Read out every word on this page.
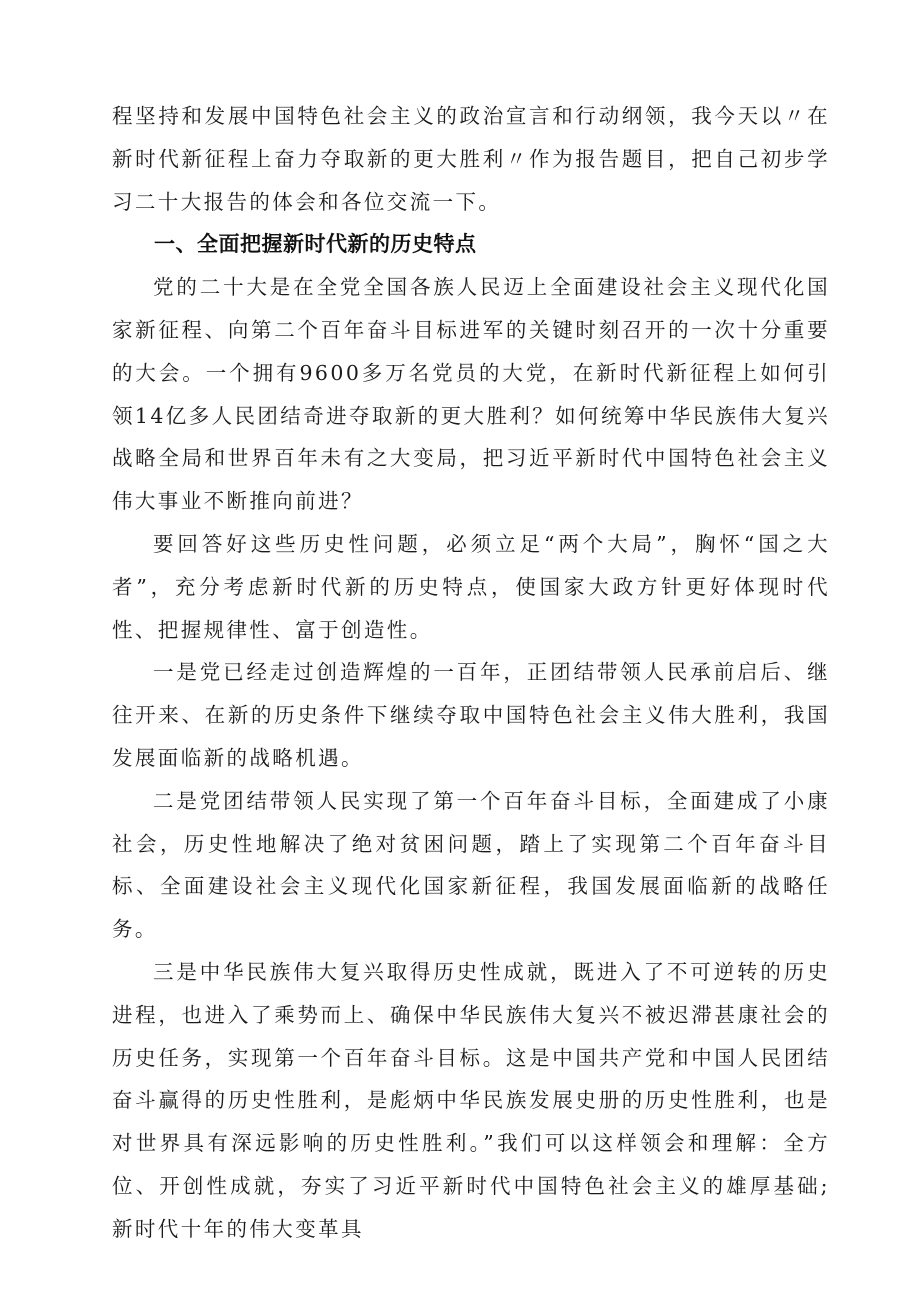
程坚持和发展中国特色社会主义的政治宣言和行动纲领，我今天以〃在新时代新征程上奋力夺取新的更大胜利〃作为报告题目，把自己初步学习二十大报告的体会和各位交流一下。

一、全面把握新时代新的历史特点

党的二十大是在全党全国各族人民迈上全面建设社会主义现代化国家新征程、向第二个百年奋斗目标进军的关键时刻召开的一次十分重要的大会。一个拥有9600多万名党员的大党，在新时代新征程上如何引领14亿多人民团结奇进夺取新的更大胜利？如何统筹中华民族伟大复兴战略全局和世界百年未有之大变局，把习近平新时代中国特色社会主义伟大事业不断推向前进？

要回答好这些历史性问题，必须立足“两个大局”，胸怀“国之大者”，充分考虑新时代新的历史特点，使国家大政方针更好体现时代性、把握规律性、富于创造性。

一是党已经走过创造辉煌的一百年，正团结带领人民承前启后、继往开来、在新的历史条件下继续夺取中国特色社会主义伟大胜利，我国发展面临新的战略机遇。

二是党团结带领人民实现了第一个百年奋斗目标，全面建成了小康社会，历史性地解决了绝对贫困问题，踏上了实现第二个百年奋斗目标、全面建设社会主义现代化国家新征程，我国发展面临新的战略任务。

三是中华民族伟大复兴取得历史性成就，既进入了不可逆转的历史进程，也进入了乘势而上、确保中华民族伟大复兴不被迟滞甚康社会的历史任务，实现第一个百年奋斗目标。这是中国共产党和中国人民团结奋斗赢得的历史性胜利，是彪炳中华民族发展史册的历史性胜利，也是对世界具有深远影响的历史性胜利。”我们可以这样领会和理解：全方位、开创性成就，夯实了习近平新时代中国特色社会主义的雄厚基础;新时代十年的伟大变革具
